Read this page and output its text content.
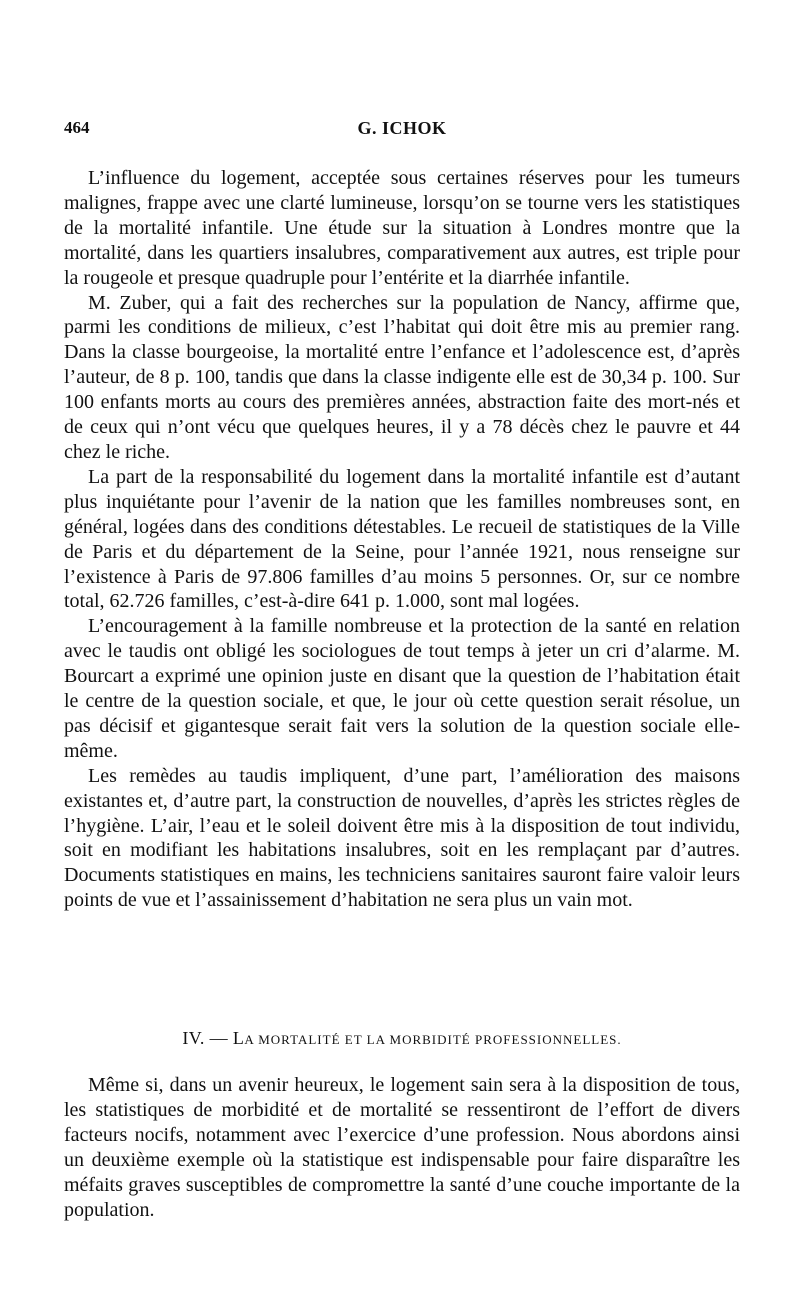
464	G. ICHOK

L’influence du logement, acceptée sous certaines réserves pour les tumeurs malignes, frappe avec une clarté lumineuse, lorsqu’on se tourne vers les statistiques de la mortalité infantile. Une étude sur la situation à Londres montre que la mortalité, dans les quartiers insalubres, comparativement aux autres, est triple pour la rougeole et presque quadruple pour l’entérite et la diarrhée infantile.

M. Zuber, qui a fait des recherches sur la population de Nancy, affirme que, parmi les conditions de milieux, c’est l’habitat qui doit être mis au premier rang. Dans la classe bourgeoise, la mortalité entre l’enfance et l’adolescence est, d’après l’auteur, de 8 p. 100, tandis que dans la classe indigente elle est de 30,34 p. 100. Sur 100 enfants morts au cours des premières années, abstraction faite des mort-nés et de ceux qui n’ont vécu que quelques heures, il y a 78 décès chez le pauvre et 44 chez le riche.

La part de la responsabilité du logement dans la mortalité infantile est d’autant plus inquiétante pour l’avenir de la nation que les familles nombreuses sont, en général, logées dans des conditions détestables. Le recueil de statistiques de la Ville de Paris et du département de la Seine, pour l’année 1921, nous renseigne sur l’existence à Paris de 97.806 familles d’au moins 5 personnes. Or, sur ce nombre total, 62.726 familles, c’est-à-dire 641 p. 1.000, sont mal logées.

L’encouragement à la famille nombreuse et la protection de la santé en relation avec le taudis ont obligé les sociologues de tout temps à jeter un cri d’alarme. M. Bourcart a exprimé une opinion juste en disant que la question de l’habitation était le centre de la question sociale, et que, le jour où cette question serait résolue, un pas décisif et gigantesque serait fait vers la solution de la question sociale elle-même.

Les remèdes au taudis impliquent, d’une part, l’amélioration des maisons existantes et, d’autre part, la construction de nouvelles, d’après les strictes règles de l’hygiène. L’air, l’eau et le soleil doivent être mis à la disposition de tout individu, soit en modifiant les habitations insalubres, soit en les remplaçant par d’autres. Documents statistiques en mains, les techniciens sanitaires sauront faire valoir leurs points de vue et l’assainissement d’habitation ne sera plus un vain mot.

IV. — LA MORTALITÉ ET LA MORBIDITÉ PROFESSIONNELLES.

Même si, dans un avenir heureux, le logement sain sera à la disposition de tous, les statistiques de morbidité et de mortalité se ressentiront de l’effort de divers facteurs nocifs, notamment avec l’exercice d’une profession. Nous abordons ainsi un deuxième exemple où la statistique est indispensable pour faire disparaître les méfaits graves susceptibles de compromettre la santé d’une couche importante de la population.
